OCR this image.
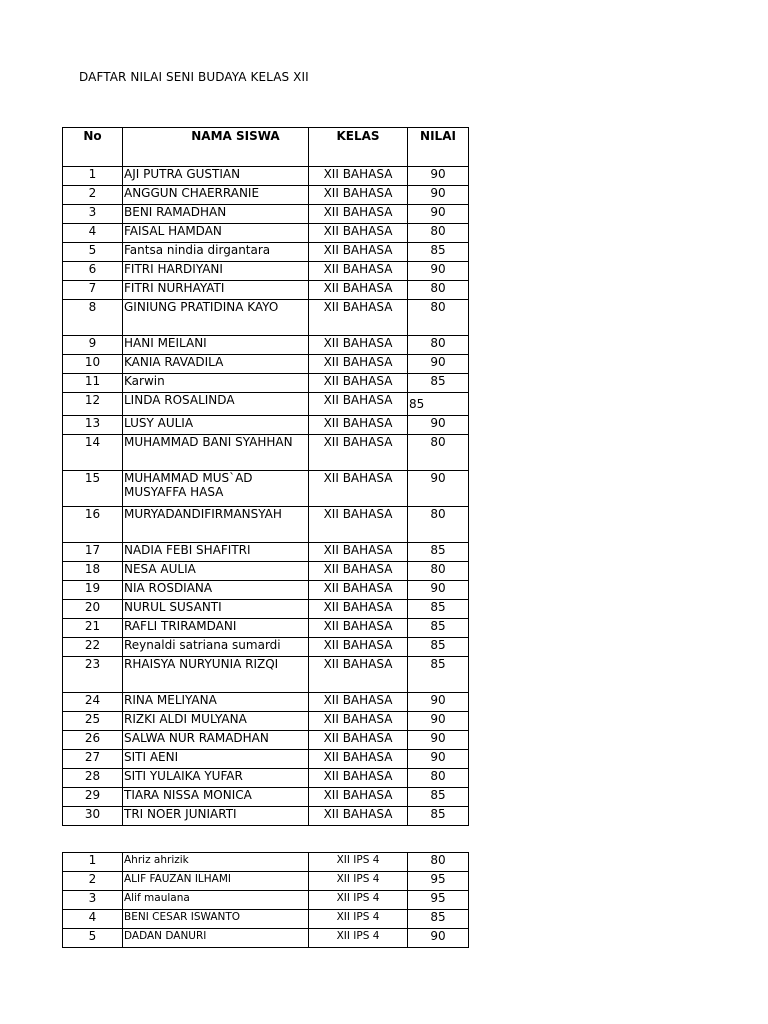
DAFTAR NILAI SENI BUDAYA KELAS XII
No	NAMA SISWA	KELAS	NILAI
1	AJI PUTRA GUSTIAN	XII BAHASA	90
2	ANGGUN CHAERRANIE	XII BAHASA	90
3	BENI RAMADHAN	XII BAHASA	90
4	FAISAL HAMDAN	XII BAHASA	80
5	Fantsa nindia dirgantara	XII BAHASA	85
6	FITRI HARDIYANI	XII BAHASA	90
7	FITRI NURHAYATI	XII BAHASA	80
8	GINIUNG PRATIDINA KAYO	XII BAHASA	80
9	HANI MEILANI	XII BAHASA	80
10	KANIA RAVADILA	XII BAHASA	90
11	Karwin	XII BAHASA	85
12	LINDA ROSALINDA	XII BAHASA	85
13	LUSY AULIA	XII BAHASA	90
14	MUHAMMAD BANI SYAHHAN	XII BAHASA	80
15	MUHAMMAD MUS`AD MUSYAFFA HASA	XII BAHASA	90
16	MURYADANDIFIRMANSYAH	XII BAHASA	80
17	NADIA FEBI SHAFITRI	XII BAHASA	85
18	NESA AULIA	XII BAHASA	80
19	NIA ROSDIANA	XII BAHASA	90
20	NURUL SUSANTI	XII BAHASA	85
21	RAFLI TRIRAMDANI	XII BAHASA	85
22	Reynaldi satriana sumardi	XII BAHASA	85
23	RHAISYA NURYUNIA RIZQI	XII BAHASA	85
24	RINA MELIYANA	XII BAHASA	90
25	RIZKI ALDI MULYANA	XII BAHASA	90
26	SALWA NUR RAMADHAN	XII BAHASA	90
27	SITI AENI	XII BAHASA	90
28	SITI YULAIKA YUFAR	XII BAHASA	80
29	TIARA NISSA MONICA	XII BAHASA	85
30	TRI NOER JUNIARTI	XII BAHASA	85
1	Ahriz ahrizik	XII IPS 4	80
2	ALIF FAUZAN ILHAMI	XII IPS 4	95
3	Alif maulana	XII IPS 4	95
4	BENI CESAR ISWANTO	XII IPS 4	85
5	DADAN DANURI	XII IPS 4	90
